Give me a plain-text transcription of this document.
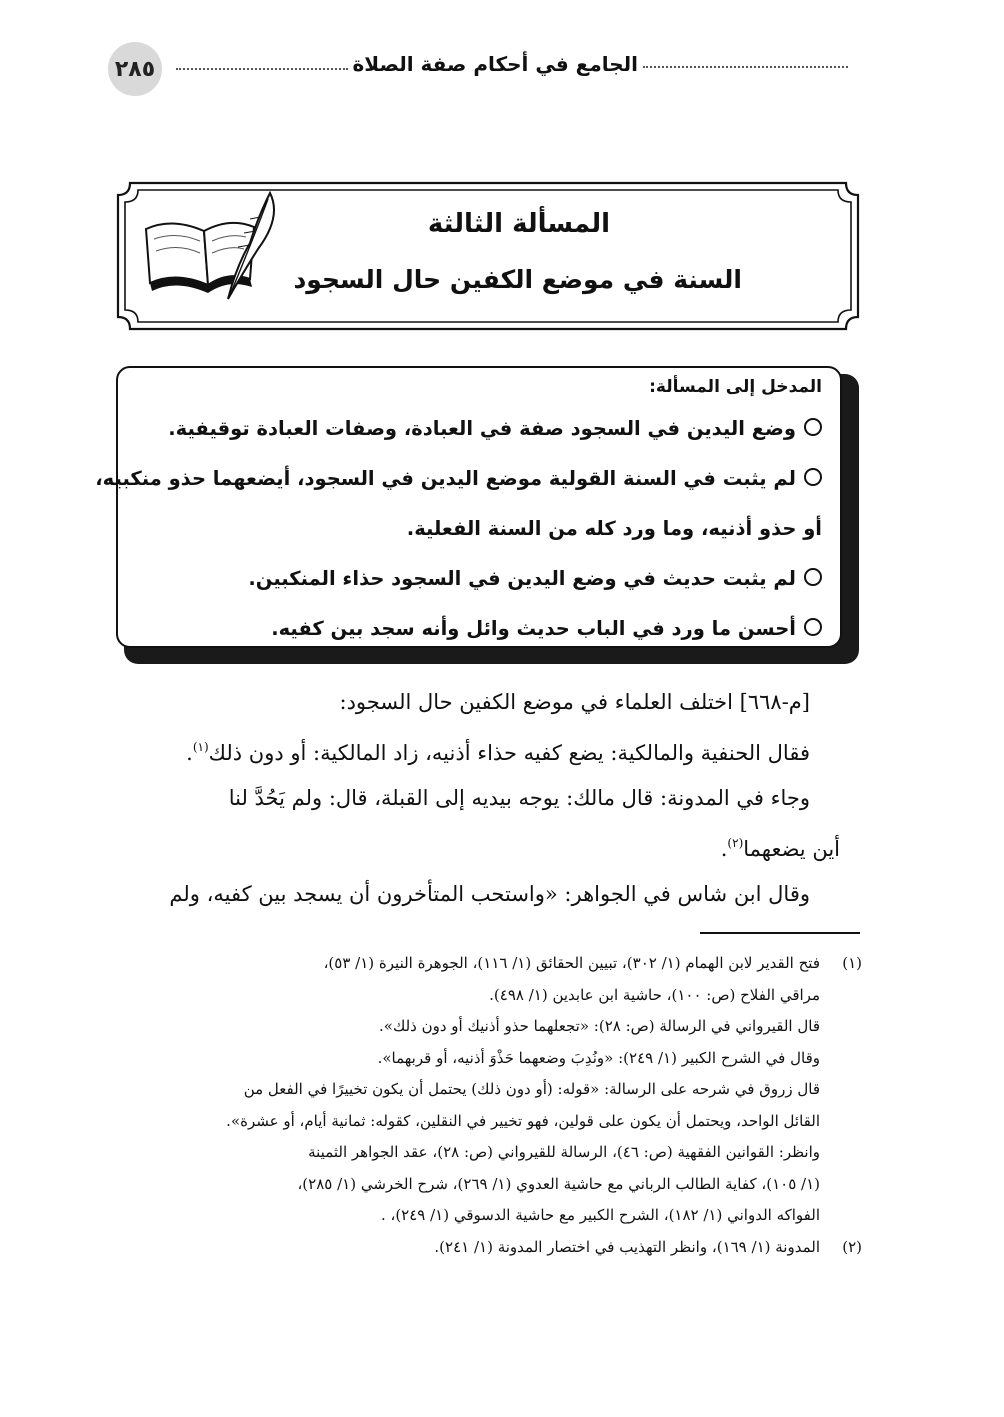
٢٨٥	الجامع في أحكام صفة الصلاة
المسألة الثالثة
السنة في موضع الكفين حال السجود
المدخل إلى المسألة:
وضع اليدين في السجود صفة في العبادة، وصفات العبادة توقيفية.
لم يثبت في السنة القولية موضع اليدين في السجود، أيضعهما حذو منكبيه،
أو حذو أذنيه، وما ورد كله من السنة الفعلية.
لم يثبت حديث في وضع اليدين في السجود حذاء المنكبين.
أحسن ما ورد في الباب حديث وائل وأنه سجد بين كفيه.

[م-٦٦٨] اختلف العلماء في موضع الكفين حال السجود:

فقال الحنفية والمالكية: يضع كفيه حذاء أذنيه، زاد المالكية: أو دون ذلك$^{(١)}$.

وجاء في المدونة: قال مالك: يوجه بيديه إلى القبلة، قال: ولم يَحُدَّ لنا

أين يضعهما$^{(٢)}$.

وقال ابن شاس في الجواهر: «واستحب المتأخرون أن يسجد بين كفيه، ولم

(١)
فتح القدير لابن الهمام (١/ ٣٠٢)، تبيين الحقائق (١/ ١١٦)، الجوهرة النيرة (١/ ٥٣)،
مراقي الفلاح (ص: ١٠٠)، حاشية ابن عابدين (١/ ٤٩٨).
قال القيرواني في الرسالة (ص: ٢٨): «تجعلهما حذو أذنيك أو دون ذلك».
وقال في الشرح الكبير (١/ ٢٤٩): «ونُدِبَ وضعهما حَذْوَ أذنيه، أو قربهما».
قال زروق في شرحه على الرسالة: «قوله: (أو دون ذلك) يحتمل أن يكون تخييرًا في الفعل من
القائل الواحد، ويحتمل أن يكون على قولين، فهو تخيير في النقلين، كقوله: ثمانية أيام، أو عشرة».
وانظر: القوانين الفقهية (ص: ٤٦)، الرسالة للقيرواني (ص: ٢٨)، عقد الجواهر الثمينة
(١/ ١٠٥)، كفاية الطالب الرباني مع حاشية العدوي (١/ ٢٦٩)، شرح الخرشي (١/ ٢٨٥)،
الفواكه الدواني (١/ ١٨٢)، الشرح الكبير مع حاشية الدسوقي (١/ ٢٤٩)، .
(٢)
المدونة (١/ ١٦٩)، وانظر التهذيب في اختصار المدونة (١/ ٢٤١).
